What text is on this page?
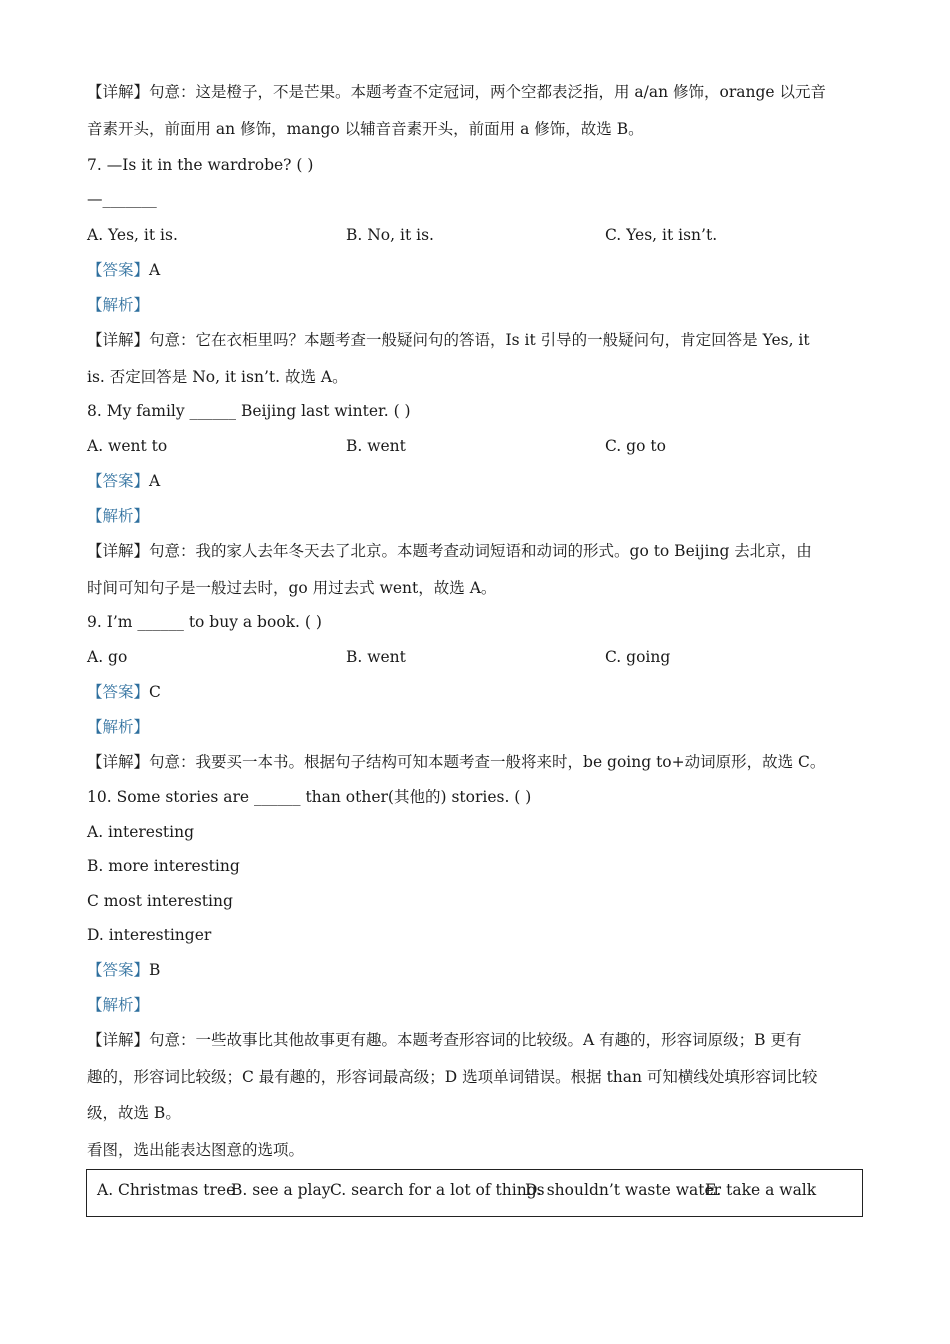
【详解】句意：这是橙子，不是芒果。本题考查不定冠词，两个空都表泛指，用 a/an 修饰，orange 以元音
音素开头，前面用 an 修饰，mango 以辅音音素开头，前面用 a 修饰，故选 B。
7. —Is it in the wardrobe? ( )
—_______
A. Yes, it is.	B. No, it is.	C. Yes, it isn’t.
【答案】A
【解析】
【详解】句意：它在衣柜里吗？本题考查一般疑问句的答语，Is it 引导的一般疑问句，肯定回答是 Yes, it
is. 否定回答是 No, it isn’t. 故选 A。
8. My family ______ Beijing last winter. ( )
A. went to	B. went	C. go to
【答案】A
【解析】
【详解】句意：我的家人去年冬天去了北京。本题考查动词短语和动词的形式。go to Beijing 去北京，由
时间可知句子是一般过去时，go 用过去式 went，故选 A。
9. I’m ______ to buy a book. ( )
A. go	B. went	C. going
【答案】C
【解析】
【详解】句意：我要买一本书。根据句子结构可知本题考查一般将来时，be going to+动词原形，故选 C。
10. Some stories are ______ than other(其他的) stories. ( )
A. interesting
B. more interesting
C most interesting
D. interestinger
【答案】B
【解析】
【详解】句意：一些故事比其他故事更有趣。本题考查形容词的比较级。A 有趣的，形容词原级；B 更有
趣的，形容词比较级；C 最有趣的，形容词最高级；D 选项单词错误。根据 than 可知横线处填形容词比较
级，故选 B。
看图，选出能表达图意的选项。
A. Christmas tree
B. see a play C. search for a lot of things
D. shouldn’t waste water
E. take a walk
